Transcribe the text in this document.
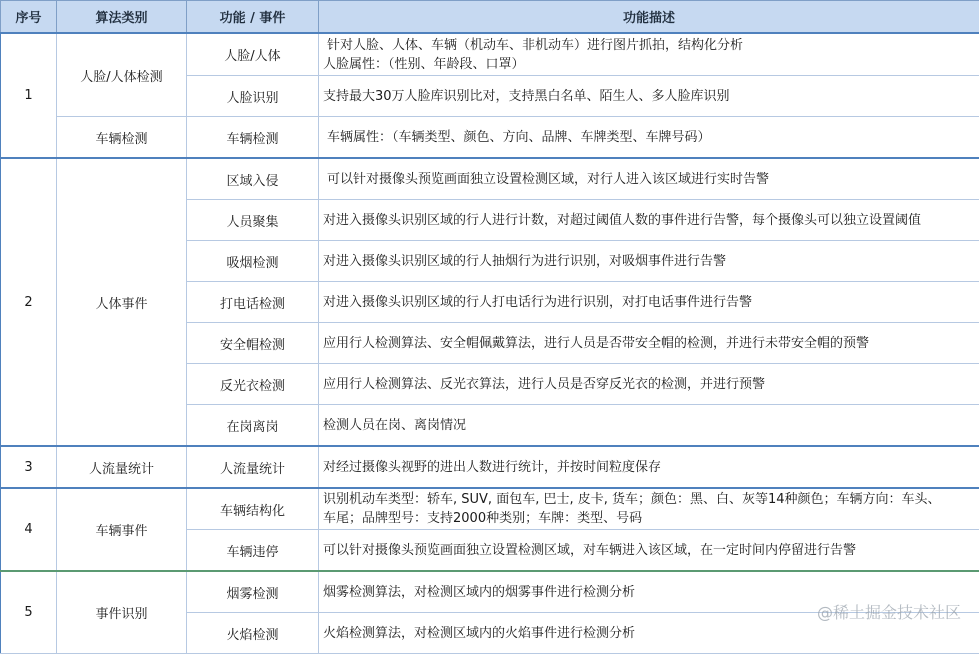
序号	算法类别	功能 / 事件	功能描述
1	人脸/人体检测	人脸/人体	针对人脸、人体、车辆（机动车、非机动车）进行图片抓拍，结构化分析
人脸属性：（性别、年龄段、口罩）

		人脸识别	支持最大30万人脸库识别比对，支持黑白名单、陌生人、多人脸库识别
	车辆检测	车辆检测	车辆属性：（车辆类型、颜色、方向、品牌、车牌类型、车牌号码）
2	人体事件	区域入侵	可以针对摄像头预览画面独立设置检测区域，对行人进入该区域进行实时告警
		人员聚集	对进入摄像头识别区域的行人进行计数，对超过阈值人数的事件进行告警，每个摄像头可以独立设置阈值
		吸烟检测	对进入摄像头识别区域的行人抽烟行为进行识别，对吸烟事件进行告警
		打电话检测	对进入摄像头识别区域的行人打电话行为进行识别，对打电话事件进行告警
		安全帽检测	应用行人检测算法、安全帽佩戴算法，进行人员是否带安全帽的检测，并进行未带安全帽的预警
		反光衣检测	应用行人检测算法、反光衣算法，进行人员是否穿反光衣的检测，并进行预警
		在岗离岗	检测人员在岗、离岗情况
3	人流量统计	人流量统计	对经过摄像头视野的进出人数进行统计，并按时间粒度保存
4	车辆事件	车辆结构化	识别机动车类型：轿车, SUV, 面包车, 巴士, 皮卡, 货车；颜色：黑、白、灰等14种颜色；车辆方向：车头、
车尾；品牌型号：支持2000种类别；车牌：类型、号码

		车辆违停	可以针对摄像头预览画面独立设置检测区域，对车辆进入该区域，在一定时间内停留进行告警
5	事件识别	烟雾检测	烟雾检测算法，对检测区域内的烟雾事件进行检测分析
		火焰检测	火焰检测算法，对检测区域内的火焰事件进行检测分析
@稀土掘金技术社区
